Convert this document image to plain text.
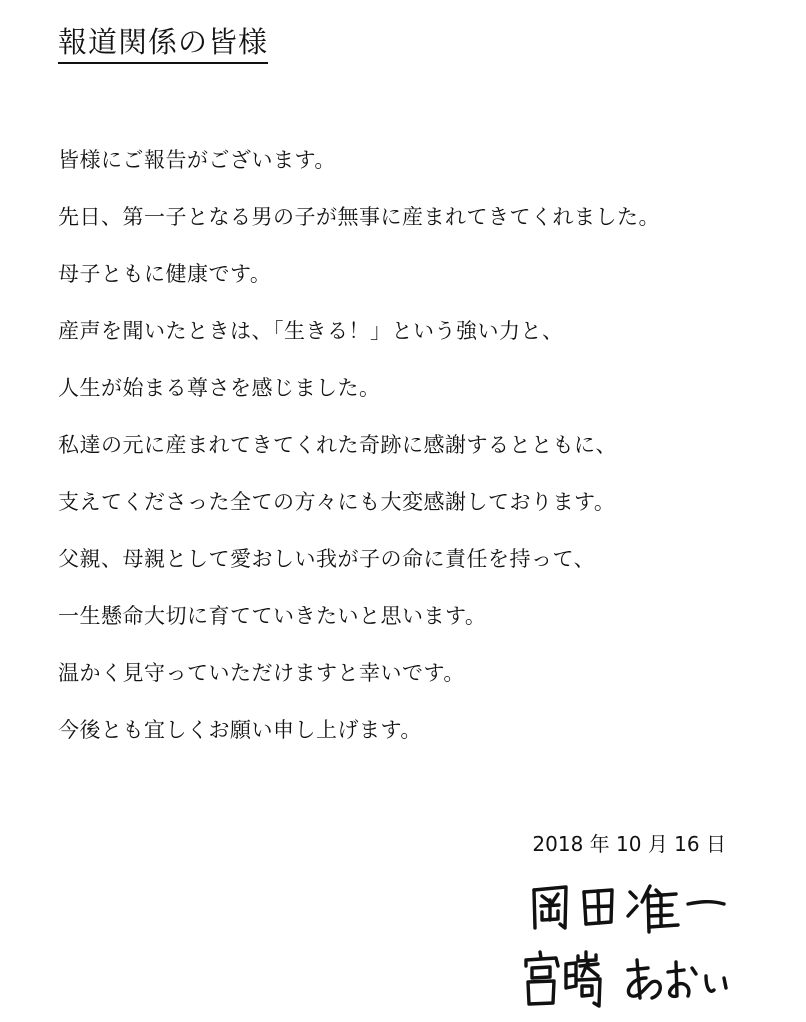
報道関係の皆様
皆様にご報告がございます。
先日、第一子となる男の子が無事に産まれてきてくれました。
母子ともに健康です。
産声を聞いたときは、「生きる！」という強い力と、
人生が始まる尊さを感じました。
私達の元に産まれてきてくれた奇跡に感謝するとともに、
支えてくださった全ての方々にも大変感謝しております。
父親、母親として愛おしい我が子の命に責任を持って、
一生懸命大切に育てていきたいと思います。
温かく見守っていただけますと幸いです。
今後とも宜しくお願い申し上げます。
2018 年 10 月 16 日
